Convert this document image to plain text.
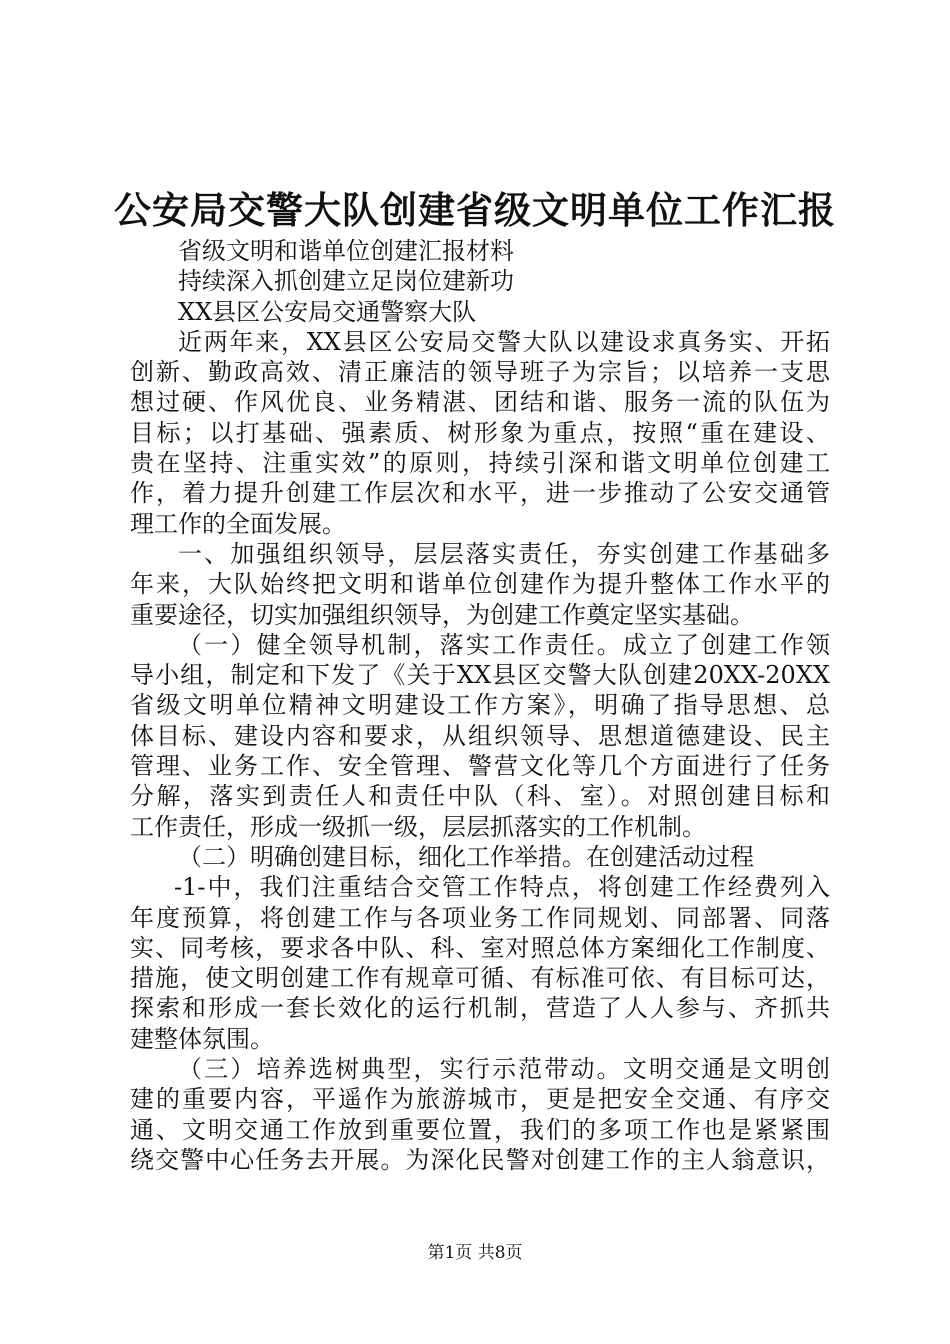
公安局交警大队创建省级文明单位工作汇报
省级文明和谐单位创建汇报材料
持续深入抓创建立足岗位建新功
XX县区公安局交通警察大队
近两年来，XX县区公安局交警大队以建设求真务实、开拓
创新、勤政高效、清正廉洁的领导班子为宗旨；以培养一支思
想过硬、作风优良、业务精湛、团结和谐、服务一流的队伍为
目标；以打基础、强素质、树形象为重点，按照“重在建设、
贵在坚持、注重实效”的原则，持续引深和谐文明单位创建工
作，着力提升创建工作层次和水平，进一步推动了公安交通管
理工作的全面发展。
一、加强组织领导，层层落实责任，夯实创建工作基础多
年来，大队始终把文明和谐单位创建作为提升整体工作水平的
重要途径，切实加强组织领导，为创建工作奠定坚实基础。
（一）健全领导机制，落实工作责任。成立了创建工作领
导小组，制定和下发了《关于XX县区交警大队创建20XX-20XX
省级文明单位精神文明建设工作方案》，明确了指导思想、总
体目标、建设内容和要求，从组织领导、思想道德建设、民主
管理、业务工作、安全管理、警营文化等几个方面进行了任务
分解，落实到责任人和责任中队（科、室）。对照创建目标和
工作责任，形成一级抓一级，层层抓落实的工作机制。
（二）明确创建目标，细化工作举措。在创建活动过程
-1-中，我们注重结合交管工作特点，将创建工作经费列入
年度预算，将创建工作与各项业务工作同规划、同部署、同落
实、同考核，要求各中队、科、室对照总体方案细化工作制度、
措施，使文明创建工作有规章可循、有标准可依、有目标可达，
探索和形成一套长效化的运行机制，营造了人人参与、齐抓共
建整体氛围。
（三）培养选树典型，实行示范带动。文明交通是文明创
建的重要内容，平遥作为旅游城市，更是把安全交通、有序交
通、文明交通工作放到重要位置，我们的多项工作也是紧紧围
绕交警中心任务去开展。为深化民警对创建工作的主人翁意识，
第1页 共8页
